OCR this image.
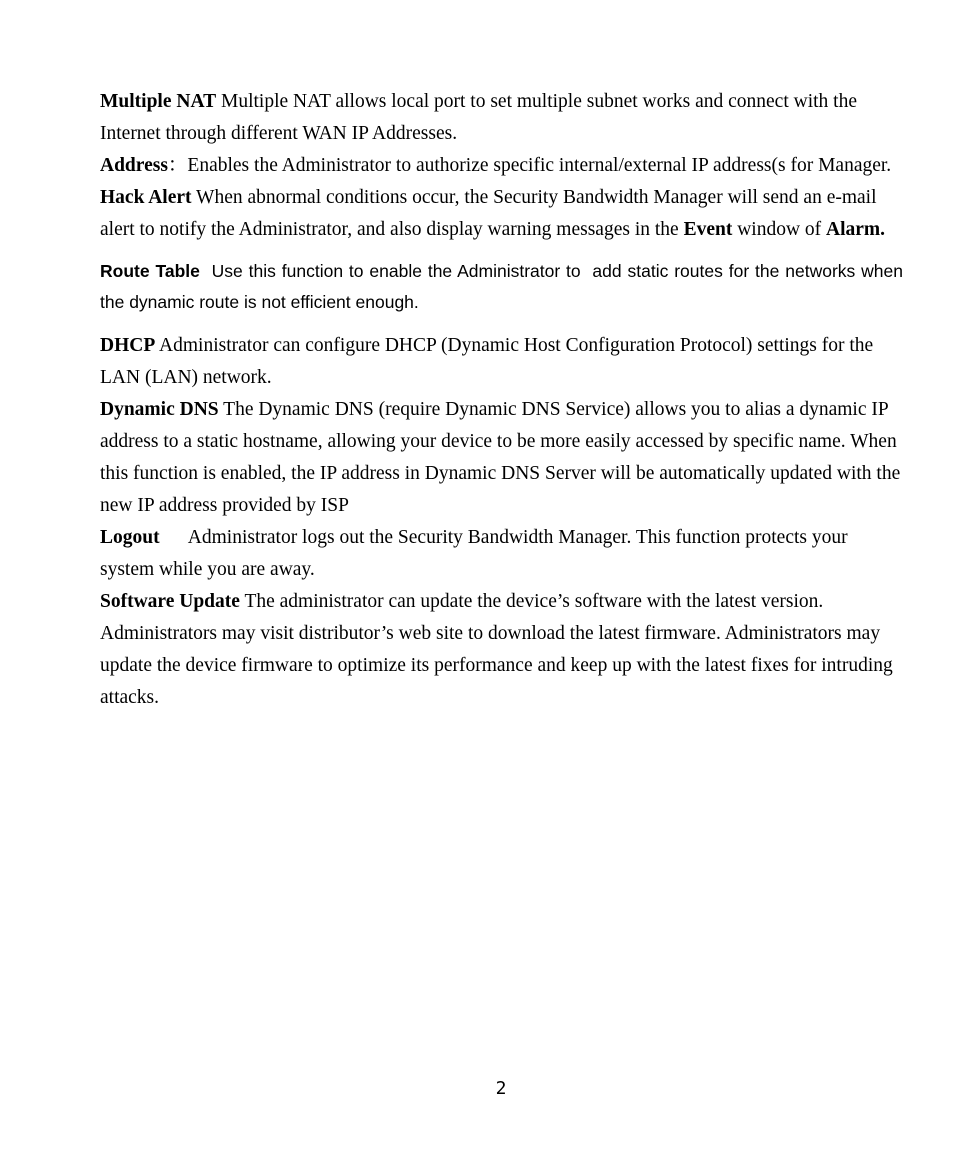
Multiple NAT Multiple NAT allows local port to set multiple subnet works and connect with the Internet through different WAN IP Addresses.

Address：Enables the Administrator to authorize specific internal/external IP address(s for Manager.

Hack Alert When abnormal conditions occur, the Security Bandwidth Manager will send an e-mail alert to notify the Administrator, and also display warning messages in the Event window of Alarm.

Route Table  Use this function to enable the Administrator to  add static routes for the networks when the dynamic route is not efficient enough.

DHCP Administrator can configure DHCP (Dynamic Host Configuration Protocol) settings for the LAN (LAN) network.

Dynamic DNS The Dynamic DNS (require Dynamic DNS Service) allows you to alias a dynamic IP address to a static hostname, allowing your device to be more easily accessed by specific name. When this function is enabled, the IP address in Dynamic DNS Server will be automatically updated with the new IP address provided by ISP

Logout      Administrator logs out the Security Bandwidth Manager. This function protects your system while you are away.

Software Update The administrator can update the device’s software with the latest version. Administrators may visit distributor’s web site to download the latest firmware. Administrators may update the device firmware to optimize its performance and keep up with the latest fixes for intruding attacks.

2
